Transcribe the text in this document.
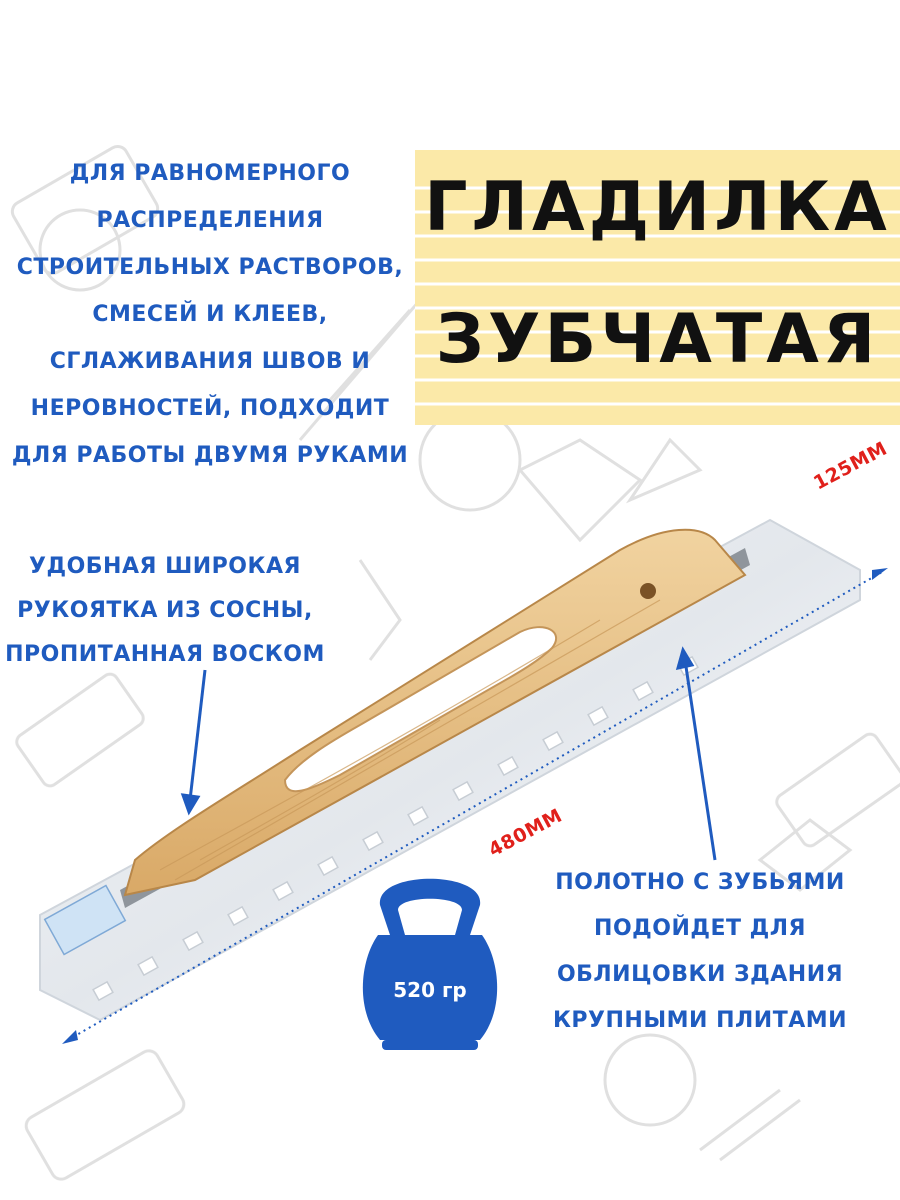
ГЛАДИЛКА
ЗУБЧАТАЯ
ДЛЯ РАВНОМЕРНОГО
РАСПРЕДЕЛЕНИЯ
СТРОИТЕЛЬНЫХ РАСТВОРОВ,
СМЕСЕЙ И КЛЕЕВ,
СГЛАЖИВАНИЯ ШВОВ И
НЕРОВНОСТЕЙ, ПОДХОДИТ
ДЛЯ РАБОТЫ ДВУМЯ РУКАМИ
УДОБНАЯ ШИРОКАЯ
РУКОЯТКА ИЗ СОСНЫ,
ПРОПИТАННАЯ ВОСКОМ
ПОЛОТНО С ЗУБЬЯМИ
ПОДОЙДЕТ ДЛЯ
ОБЛИЦОВКИ ЗДАНИЯ
КРУПНЫМИ ПЛИТАМИ
520 гр
125ММ
480ММ
